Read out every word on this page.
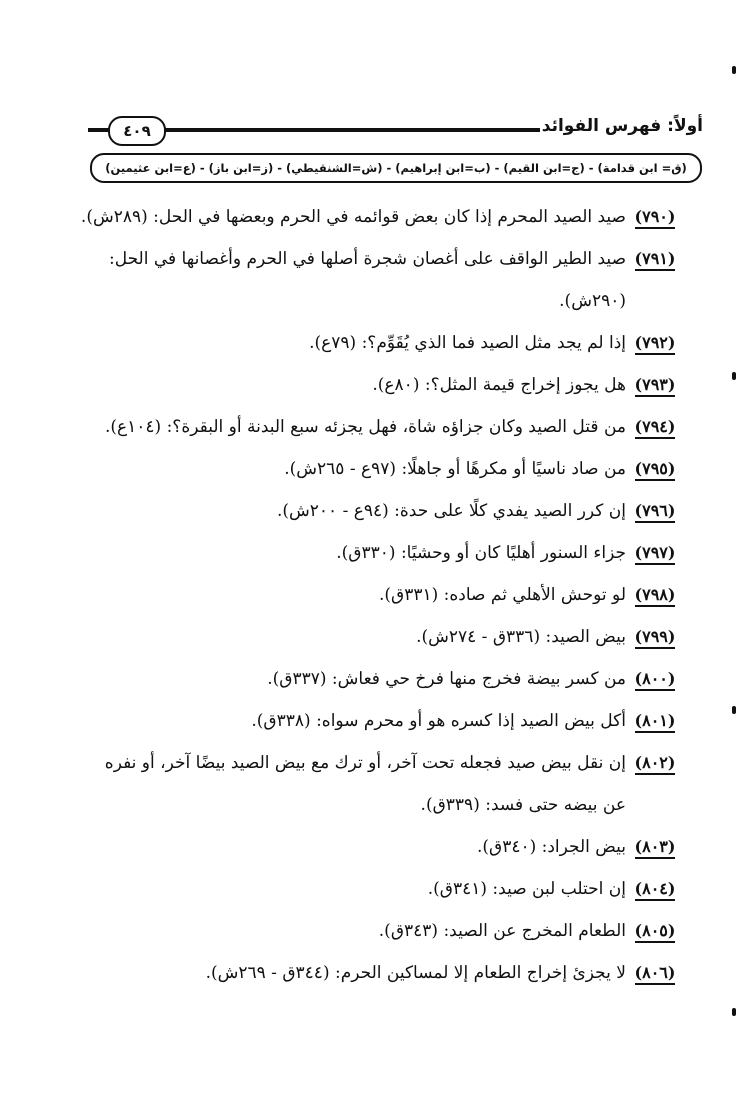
٤٠٩	أولاً: فهرس الفوائد
(ق= ابن قدامة) - (ج=ابن القيم) - (ب=ابن إبراهيم) - (ش=الشنقيطي) - (ز=ابن باز) - (ع=ابن عثيمين)
(٧٩٠)
صيد الصيد المحرم إذا كان بعض قوائمه في الحرم وبعضها في الحل: (٢٨٩ش).
(٧٩١)
صيد الطير الواقف على أغصان شجرة أصلها في الحرم وأغصانها في الحل:
(٢٩٠ش).
(٧٩٢)
إذا لم يجد مثل الصيد فما الذي يُقَوِّم؟: (٧٩ع).
(٧٩٣)
هل يجوز إخراج قيمة المثل؟: (٨٠ع).
(٧٩٤)
من قتل الصيد وكان جزاؤه شاة، فهل يجزئه سبع البدنة أو البقرة؟: (١٠٤ع).
(٧٩٥)
من صاد ناسيًا أو مكرهًا أو جاهلًا: (٩٧ع - ٢٦٥ش).
(٧٩٦)
إن كرر الصيد يفدي كلًا على حدة: (٩٤ع - ٢٠٠ش).
(٧٩٧)
جزاء السنور أهليًا كان أو وحشيًا: (٣٣٠ق).
(٧٩٨)
لو توحش الأهلي ثم صاده: (٣٣١ق).
(٧٩٩)
بيض الصيد: (٣٣٦ق - ٢٧٤ش).
(٨٠٠)
من كسر بيضة فخرج منها فرخ حي فعاش: (٣٣٧ق).
(٨٠١)
أكل بيض الصيد إذا كسره هو أو محرم سواه: (٣٣٨ق).
(٨٠٢)
إن نقل بيض صيد فجعله تحت آخر، أو ترك مع بيض الصيد بيضًا آخر، أو نفره
عن بيضه حتى فسد: (٣٣٩ق).
(٨٠٣)
بيض الجراد: (٣٤٠ق).
(٨٠٤)
إن احتلب لبن صيد: (٣٤١ق).
(٨٠٥)
الطعام المخرج عن الصيد: (٣٤٣ق).
(٨٠٦)
لا يجزئ إخراج الطعام إلا لمساكين الحرم: (٣٤٤ق - ٢٦٩ش).
